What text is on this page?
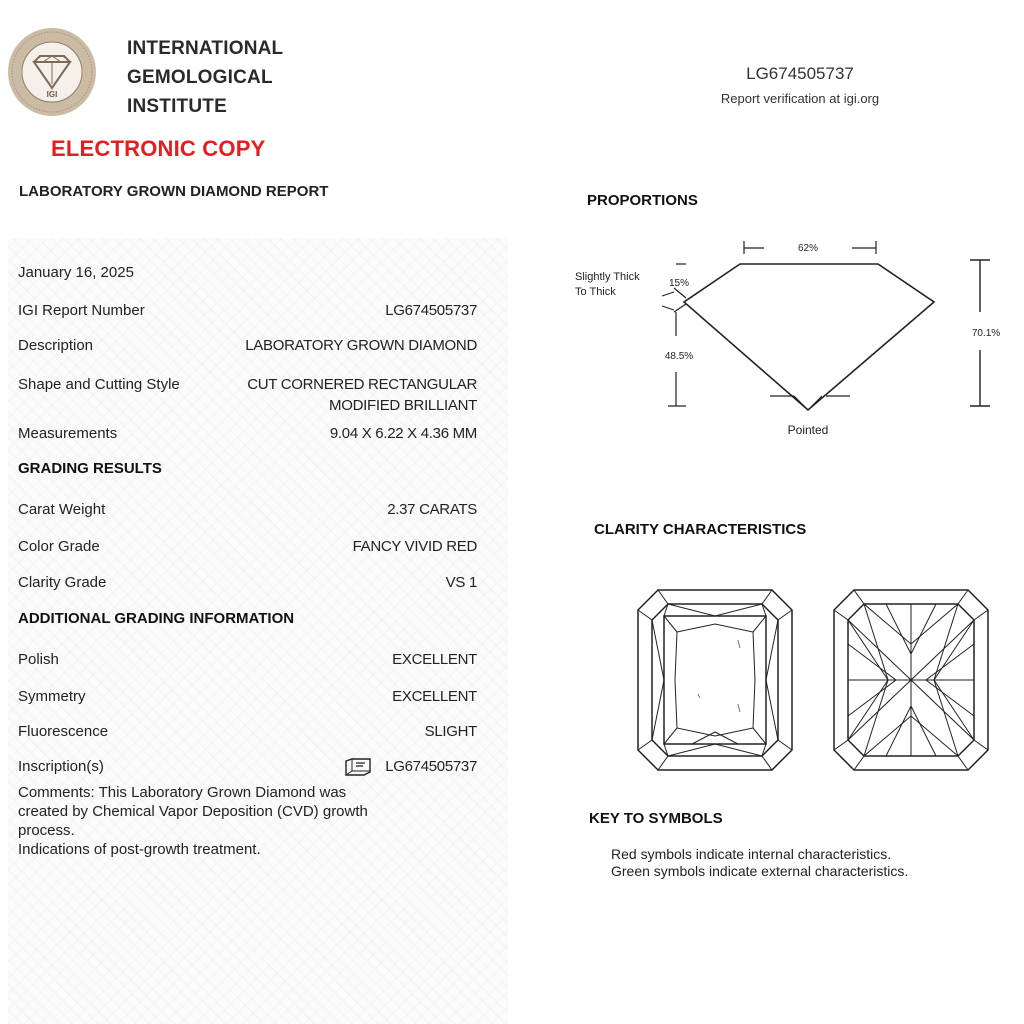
IGI
INTERNATIONAL
GEMOLOGICAL
INSTITUTE
ELECTRONIC COPY
LABORATORY GROWN DIAMOND REPORT
LG674505737
Report verification at igi.org
January 16, 2025
IGI Report Number	LG674505737
Description	LABORATORY GROWN DIAMOND
Shape and Cutting Style	CUT CORNERED RECTANGULAR
MODIFIED BRILLIANT
Measurements	9.04 X 6.22 X 4.36 MM
GRADING RESULTS
Carat Weight	2.37 CARATS
Color Grade	FANCY VIVID RED
Clarity Grade	VS 1
ADDITIONAL GRADING INFORMATION
Polish	EXCELLENT
Symmetry	EXCELLENT
Fluorescence	SLIGHT
Inscription(s)	LG674505737
Comments: This Laboratory Grown Diamond was
created by Chemical Vapor Deposition (CVD) growth
process.
Indications of post-growth treatment.
PROPORTIONS
62%
15%
48.5%
70.1%
Slightly Thick
To Thick
Pointed
CLARITY CHARACTERISTICS
KEY TO SYMBOLS
Red symbols indicate internal characteristics.
Green symbols indicate external characteristics.
